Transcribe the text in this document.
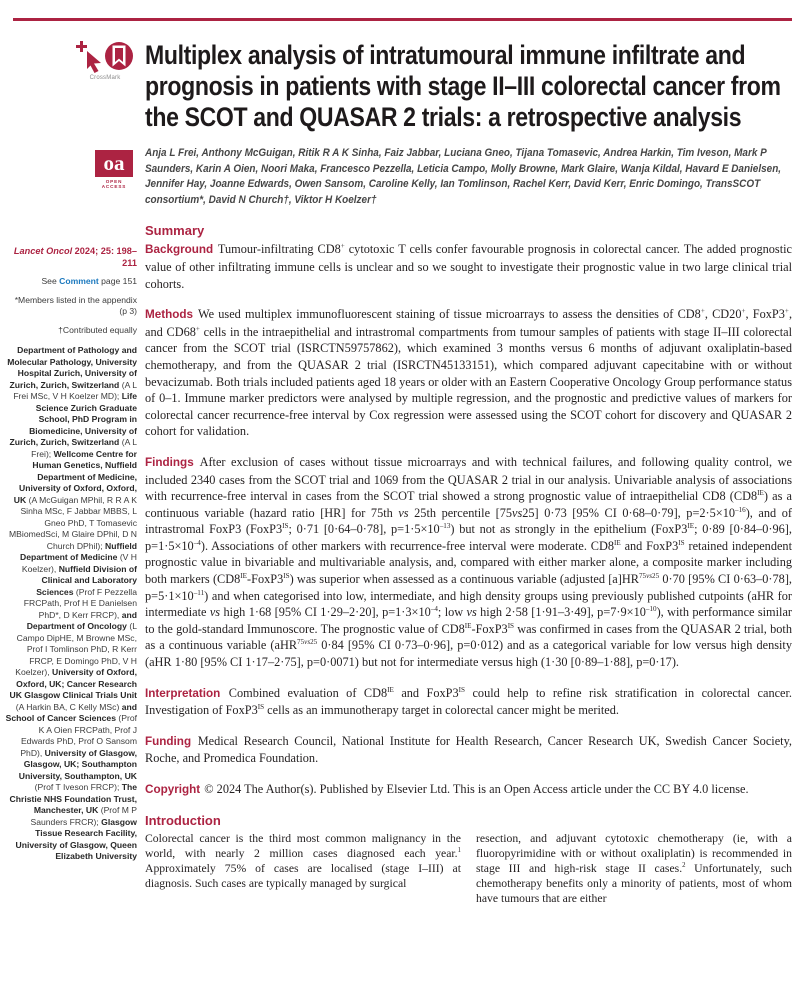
CrossMark
oa
OPEN ACCESS
Lancet Oncol 2024; 25: 198–211
See Comment page 151
*Members listed in the appendix (p 3)
†Contributed equally
Department of Pathology and Molecular Pathology, University Hospital Zurich, University of Zurich, Zurich, Switzerland (A L Frei MSc, V H Koelzer MD); Life Science Zurich Graduate School, PhD Program in Biomedicine, University of Zurich, Zurich, Switzerland (A L Frei); Wellcome Centre for Human Genetics, Nuffield Department of Medicine, University of Oxford, Oxford, UK (A McGuigan MPhil, R R A K Sinha MSc, F Jabbar MBBS, L Gneo PhD, T Tomasevic MBiomedSci, M Glaire DPhil, D N Church DPhil); Nuffield Department of Medicine (V H Koelzer), Nuffield Division of Clinical and Laboratory Sciences (Prof F Pezzella FRCPath, Prof H E Danielsen PhD*, D Kerr FRCP), and Department of Oncology (L Campo DipHE, M Browne MSc, Prof I Tomlinson PhD, R Kerr FRCP, E Domingo PhD, V H Koelzer), University of Oxford, Oxford, UK; Cancer Research UK Glasgow Clinical Trials Unit (A Harkin BA, C Kelly MSc) and School of Cancer Sciences (Prof K A Oien FRCPath, Prof J Edwards PhD, Prof O Sansom PhD), University of Glasgow, Glasgow, UK; Southampton University, Southampton, UK (Prof T Iveson FRCP); The Christie NHS Foundation Trust, Manchester, UK (Prof M P Saunders FRCR); Glasgow Tissue Research Facility, University of Glasgow, Queen Elizabeth University
Multiplex analysis of intratumoural immune infiltrate and
prognosis in patients with stage II–III colorectal cancer from
the SCOT and QUASAR 2 trials: a retrospective analysis
Anja L Frei, Anthony McGuigan, Ritik R A K Sinha, Faiz Jabbar, Luciana Gneo, Tijana Tomasevic, Andrea Harkin, Tim Iveson, Mark P Saunders, Karin A Oien, Noori Maka, Francesco Pezzella, Leticia Campo, Molly Browne, Mark Glaire, Wanja Kildal, Havard E Danielsen, Jennifer Hay, Joanne Edwards, Owen Sansom, Caroline Kelly, Ian Tomlinson, Rachel Kerr, David Kerr, Enric Domingo, TransSCOT consortium*, David N Church†, Viktor H Koelzer†
Summary

Background Tumour-infiltrating CD8+ cytotoxic T cells confer favourable prognosis in colorectal cancer. The added prognostic value of other infiltrating immune cells is unclear and so we sought to investigate their prognostic value in two large clinical trial cohorts.

Methods We used multiplex immunofluorescent staining of tissue microarrays to assess the densities of CD8+, CD20+, FoxP3+, and CD68+ cells in the intraepithelial and intrastromal compartments from tumour samples of patients with stage II–III colorectal cancer from the SCOT trial (ISRCTN59757862), which examined 3 months versus 6 months of adjuvant oxaliplatin-based chemotherapy, and from the QUASAR 2 trial (ISRCTN45133151), which compared adjuvant capecitabine with or without bevacizumab. Both trials included patients aged 18 years or older with an Eastern Cooperative Oncology Group performance status of 0–1. Immune marker predictors were analysed by multiple regression, and the prognostic and predictive values of markers for colorectal cancer recurrence-free interval by Cox regression were assessed using the SCOT cohort for discovery and QUASAR 2 cohort for validation.

Findings After exclusion of cases without tissue microarrays and with technical failures, and following quality control, we included 2340 cases from the SCOT trial and 1069 from the QUASAR 2 trial in our analysis. Univariable analysis of associations with recurrence-free interval in cases from the SCOT trial showed a strong prognostic value of intraepithelial CD8 $(CD8^{IE})$ as a continuous variable (hazard ratio [HR] for 75th vs 25th percentile [75vs25] 0·73 [95% CI 0·68–0·79], $p=2\cdot 5\times 10^{-16}$), and of intrastromal FoxP3 ($FoxP3^{IS}$; 0·71 [0·64–0·78], $p=1\cdot 5\times 10^{-13}$) but not as strongly in the epithelium ($FoxP3^{IE}$; 0·89 [0·84–0·96], $p=1\cdot 5\times 10^{-4}$). Associations of other markers with recurrence-free interval were moderate. $CD8^{IE}$ and $FoxP3^{IS}$ retained independent prognostic value in bivariable and multivariable analysis, and, compared with either marker alone, a composite marker including both markers $(CD8^{IE}-FoxP3^{IS})$ was superior when assessed as a continuous variable (adjusted $[a]HR^{75vs25}$ 0·70 [95% CI 0·63–0·78], $p=5\cdot 1\times 10^{-11}$) and when categorised into low, intermediate, and high density groups using previously published cutpoints (aHR for intermediate vs high 1·68 [95% CI 1·29–2·20], $p=1\cdot 3\times 10^{-4}$; low vs high 2·58 [1·91–3·49], $p=7\cdot 9\times 10^{-10}$), with performance similar to the gold-standard Immunoscore. The prognostic value of $CD8^{IE}-FoxP3^{IS}$ was confirmed in cases from the QUASAR 2 trial, both as a continuous variable (aHR$^{75vs25}$ 0·84 [95% CI 0·73–0·96], p=0·012) and as a categorical variable for low versus high density (aHR 1·80 [95% CI 1·17–2·75], p=0·0071) but not for intermediate versus high (1·30 [0·89–1·88], p=0·17).

Interpretation Combined evaluation of $CD8^{IE}$ and $FoxP3^{IS}$ could help to refine risk stratification in colorectal cancer. Investigation of $FoxP3^{IS}$ cells as an immunotherapy target in colorectal cancer might be merited.

Funding Medical Research Council, National Institute for Health Research, Cancer Research UK, Swedish Cancer Society, Roche, and Promedica Foundation.

Copyright © 2024 The Author(s). Published by Elsevier Ltd. This is an Open Access article under the CC BY 4.0 license.

Introduction
Colorectal cancer is the third most common malignancy in the world, with nearly 2 million cases diagnosed each year.$^1$ Approximately 75% of cases are localised (stage I–III) at diagnosis. Such cases are typically managed by surgical
resection, and adjuvant cytotoxic chemotherapy (ie, with a fluoropyrimidine with or without oxaliplatin) is recommended in stage III and high-risk stage II cases.$^2$ Unfortunately, such chemotherapy benefits only a minority of patients, most of whom have tumours that are either
